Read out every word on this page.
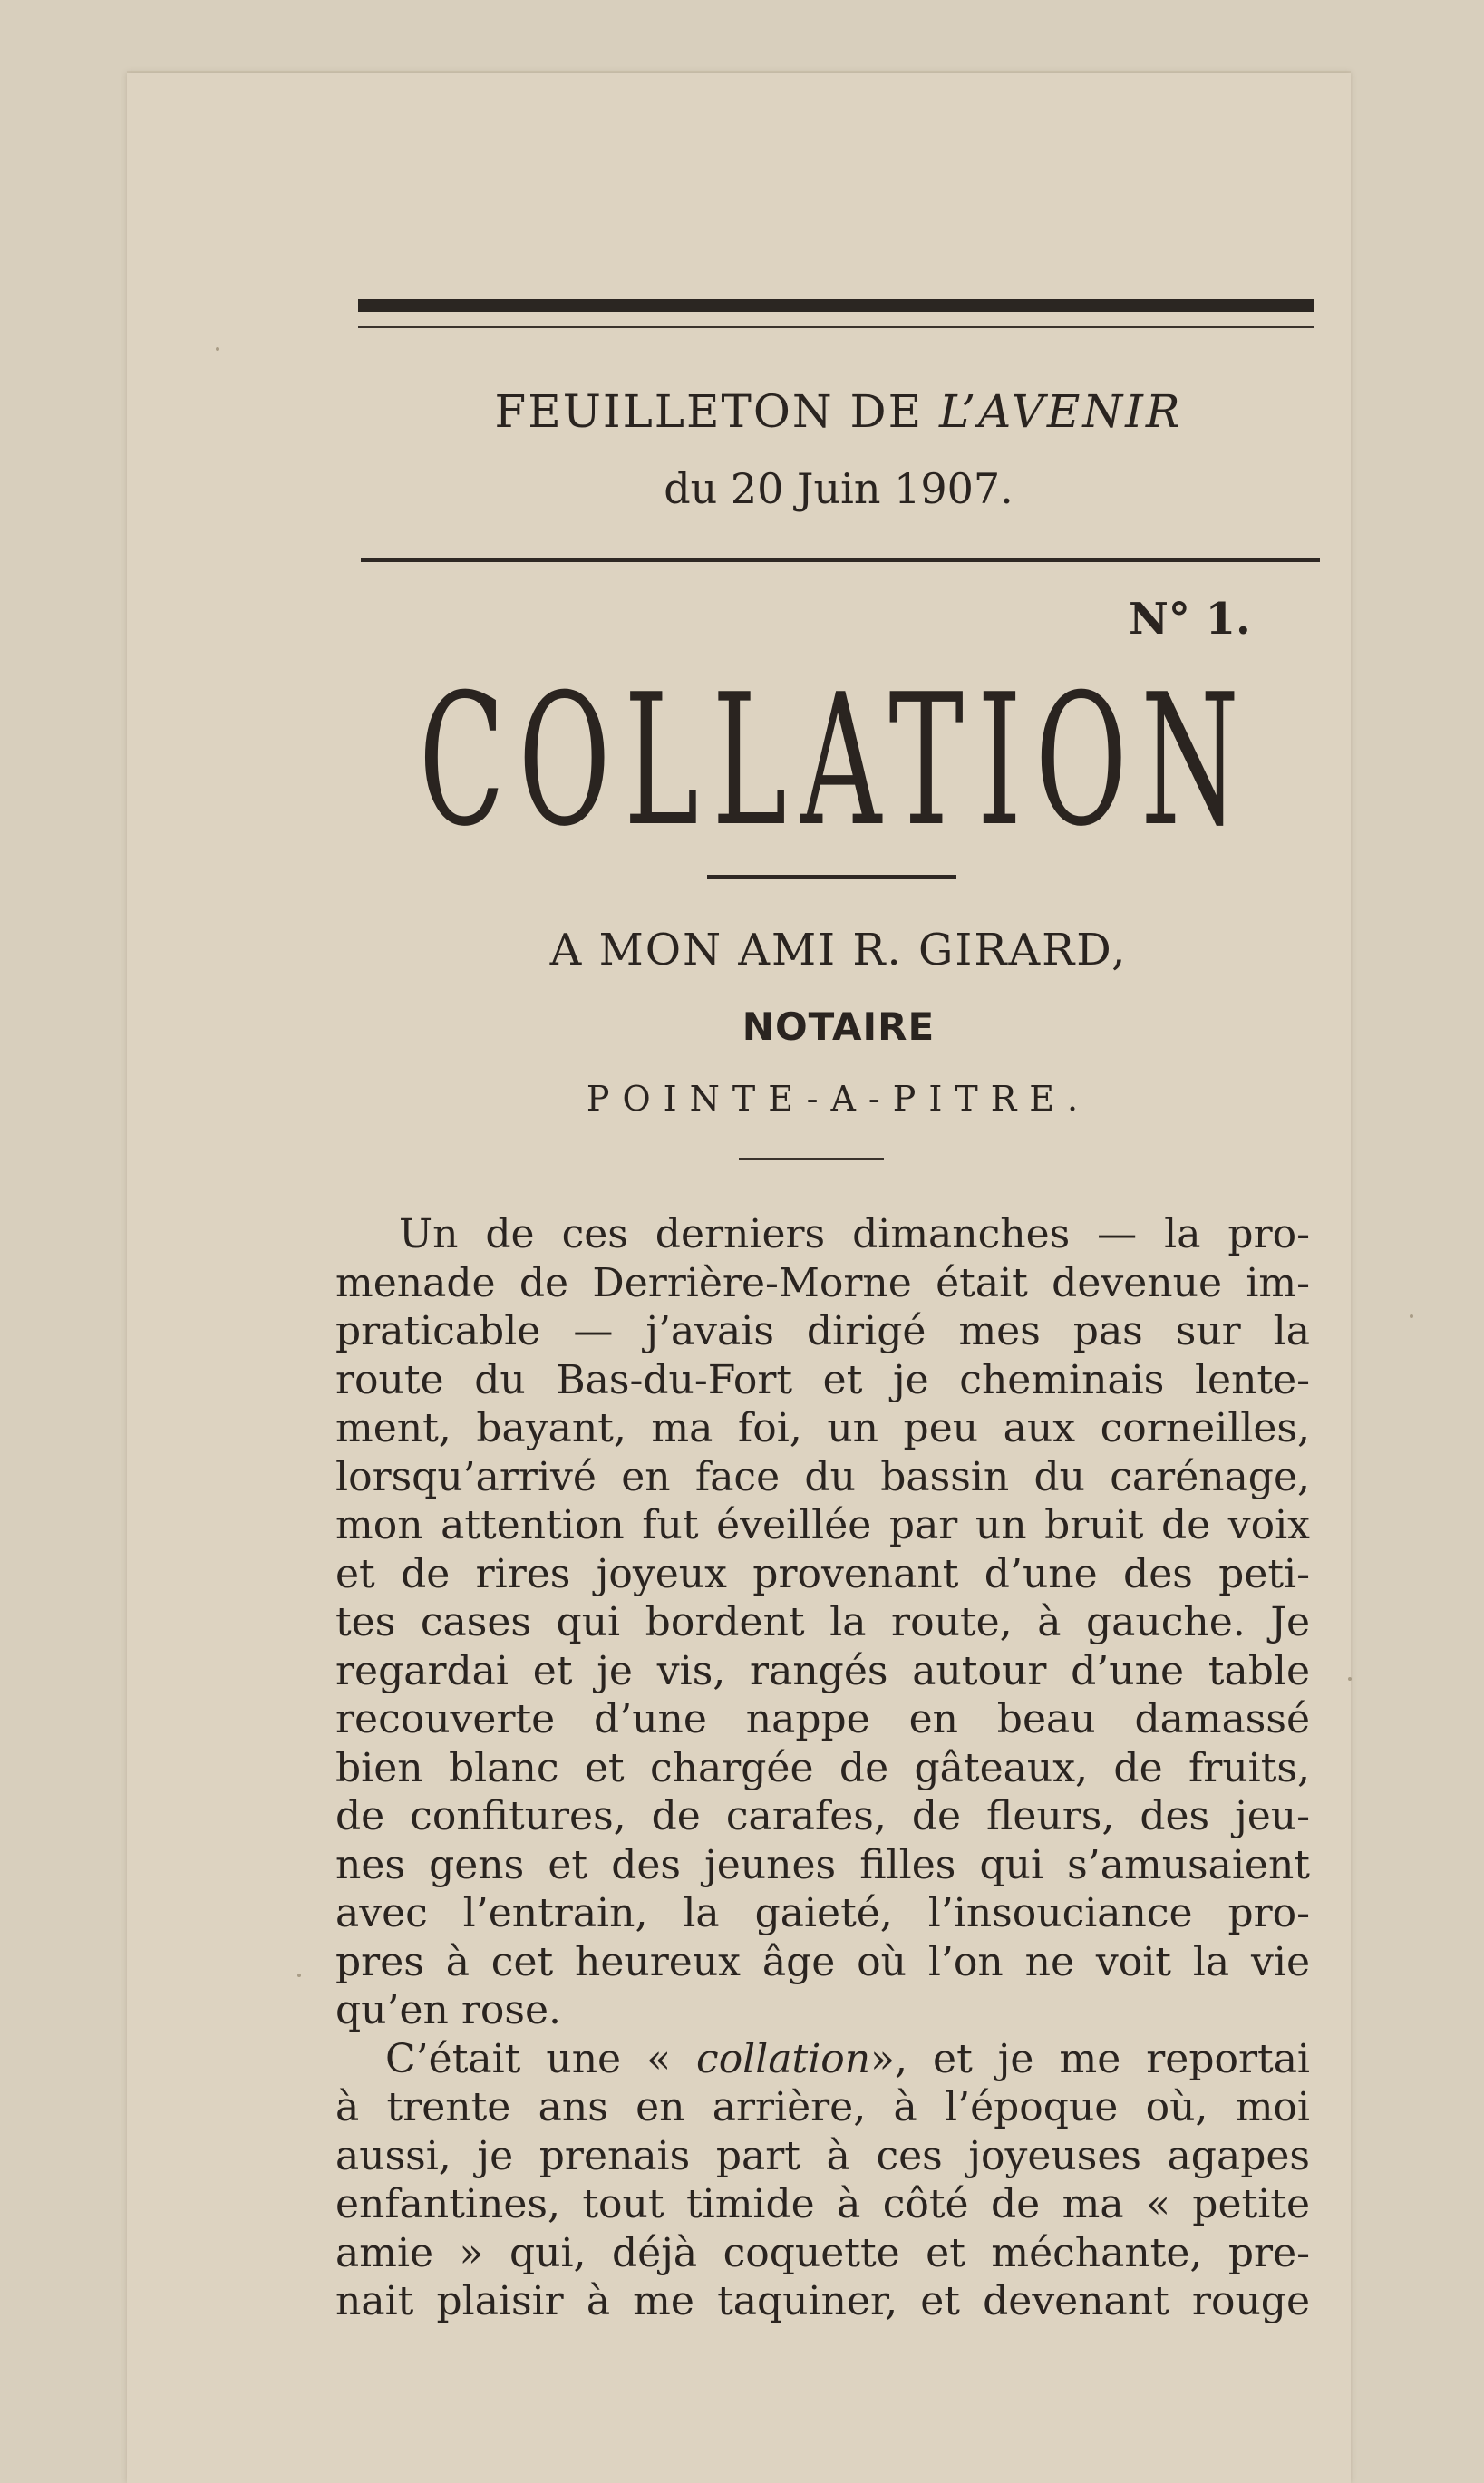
FEUILLETON DE L’AVENIR

du 20 Juin 1907.

N° 1.

COLLATION

A MON AMI R. GIRARD,

NOTAIRE

POINTE-A-PITRE.

Un de ces derniers dimanches — la pro-
menade de Derrière-Morne était devenue im-
praticable — j’avais dirigé mes pas sur la
route du Bas-du-Fort et je cheminais lente-
ment, bayant, ma foi, un peu aux corneilles,
lorsqu’arrivé en face du bassin du carénage,
mon attention fut éveillée par un bruit de voix
et de rires joyeux provenant d’une des peti-
tes cases qui bordent la route, à gauche. Je
regardai et je vis, rangés autour d’une table
recouverte d’une nappe en beau damassé
bien blanc et chargée de gâteaux, de fruits,
de confitures, de carafes, de fleurs, des jeu-
nes gens et des jeunes filles qui s’amusaient
avec l’entrain, la gaieté, l’insouciance pro-
pres à cet heureux âge où l’on ne voit la vie
qu’en rose.
C’était une « collation», et je me reportai
à trente ans en arrière, à l’époque où, moi
aussi, je prenais part à ces joyeuses agapes
enfantines, tout timide à côté de ma « petite
amie » qui, déjà coquette et méchante, pre-
nait plaisir à me taquiner, et devenant rouge
